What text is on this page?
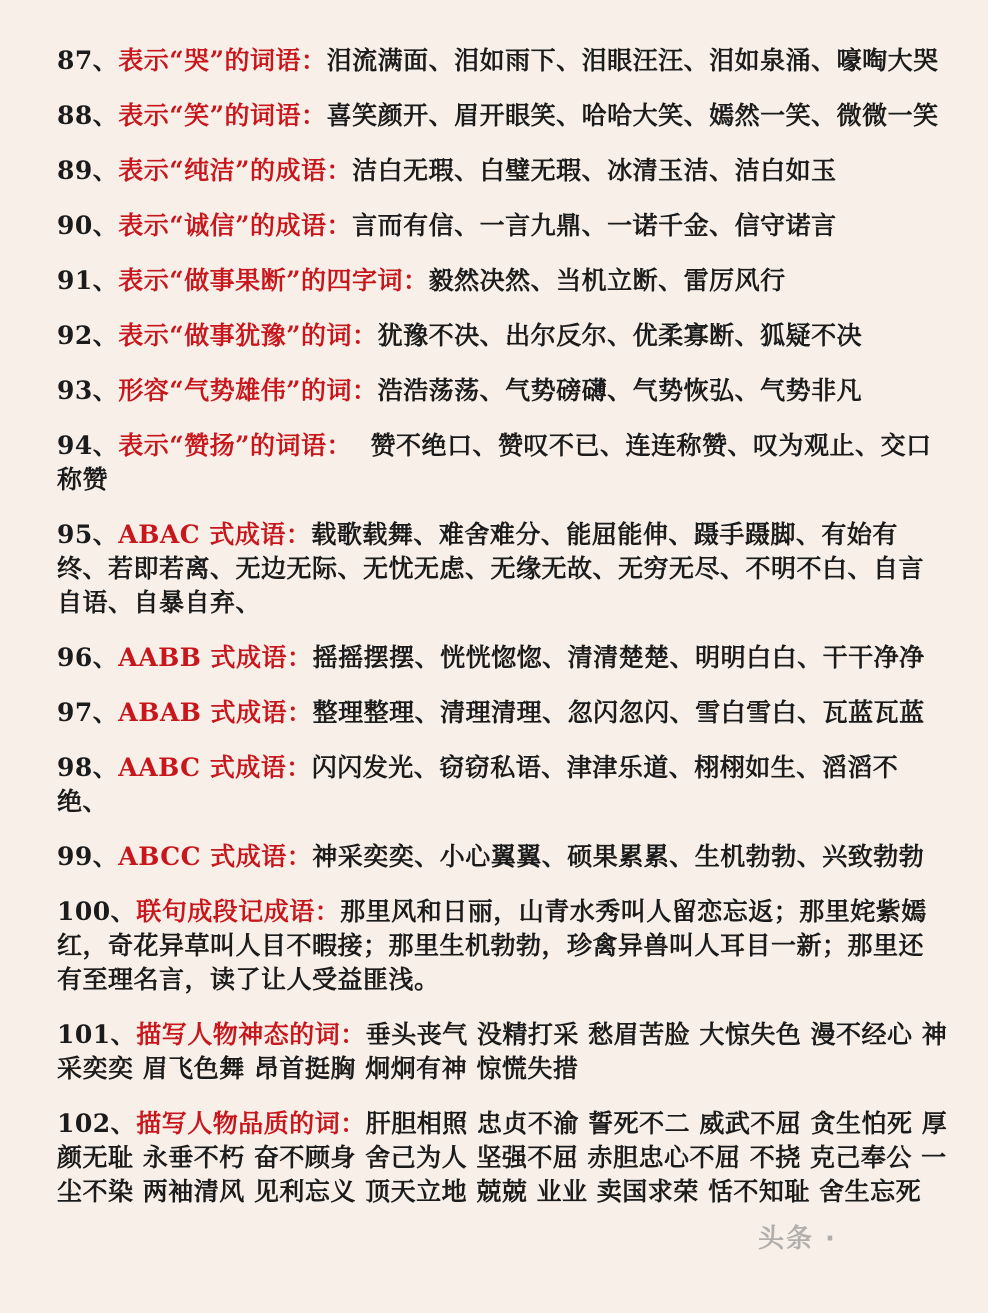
87、表示“哭”的词语：泪流满面、泪如雨下、泪眼汪汪、泪如泉涌、嚎啕大哭
88、表示“笑”的词语：喜笑颜开、眉开眼笑、哈哈大笑、嫣然一笑、微微一笑
89、表示“纯洁”的成语：洁白无瑕、白璧无瑕、冰清玉洁、洁白如玉
90、表示“诚信”的成语：言而有信、一言九鼎、一诺千金、信守诺言
91、表示“做事果断”的四字词：毅然决然、当机立断、雷厉风行
92、表示“做事犹豫”的词：犹豫不决、出尔反尔、优柔寡断、狐疑不决
93、形容“气势雄伟”的词：浩浩荡荡、气势磅礴、气势恢弘、气势非凡
94、表示“赞扬”的词语：  赞不绝口、赞叹不已、连连称赞、叹为观止、交口称赞
95、ABAC 式成语：载歌载舞、难舍难分、能屈能伸、蹑手蹑脚、有始有终、若即若离、无边无际、无忧无虑、无缘无故、无穷无尽、不明不白、自言自语、自暴自弃、
96、AABB 式成语：摇摇摆摆、恍恍惚惚、清清楚楚、明明白白、干干净净
97、ABAB 式成语：整理整理、清理清理、忽闪忽闪、雪白雪白、瓦蓝瓦蓝
98、AABC 式成语：闪闪发光、窃窃私语、津津乐道、栩栩如生、滔滔不绝、
99、ABCC 式成语：神采奕奕、小心翼翼、硕果累累、生机勃勃、兴致勃勃
100、联句成段记成语：那里风和日丽，山青水秀叫人留恋忘返；那里姹紫嫣红，奇花异草叫人目不暇接；那里生机勃勃，珍禽异兽叫人耳目一新；那里还有至理名言，读了让人受益匪浅。
101、描写人物神态的词：垂头丧气 没精打采 愁眉苦脸 大惊失色 漫不经心 神采奕奕 眉飞色舞 昂首挺胸 炯炯有神 惊慌失措
102、描写人物品质的词：肝胆相照 忠贞不渝 誓死不二 威武不屈 贪生怕死 厚颜无耻 永垂不朽 奋不顾身 舍己为人 坚强不屈 赤胆忠心不屈 不挠 克己奉公 一尘不染 两袖清风 见利忘义 顶天立地 兢兢 业业 卖国求荣 恬不知耻 舍生忘死
头条 ·
